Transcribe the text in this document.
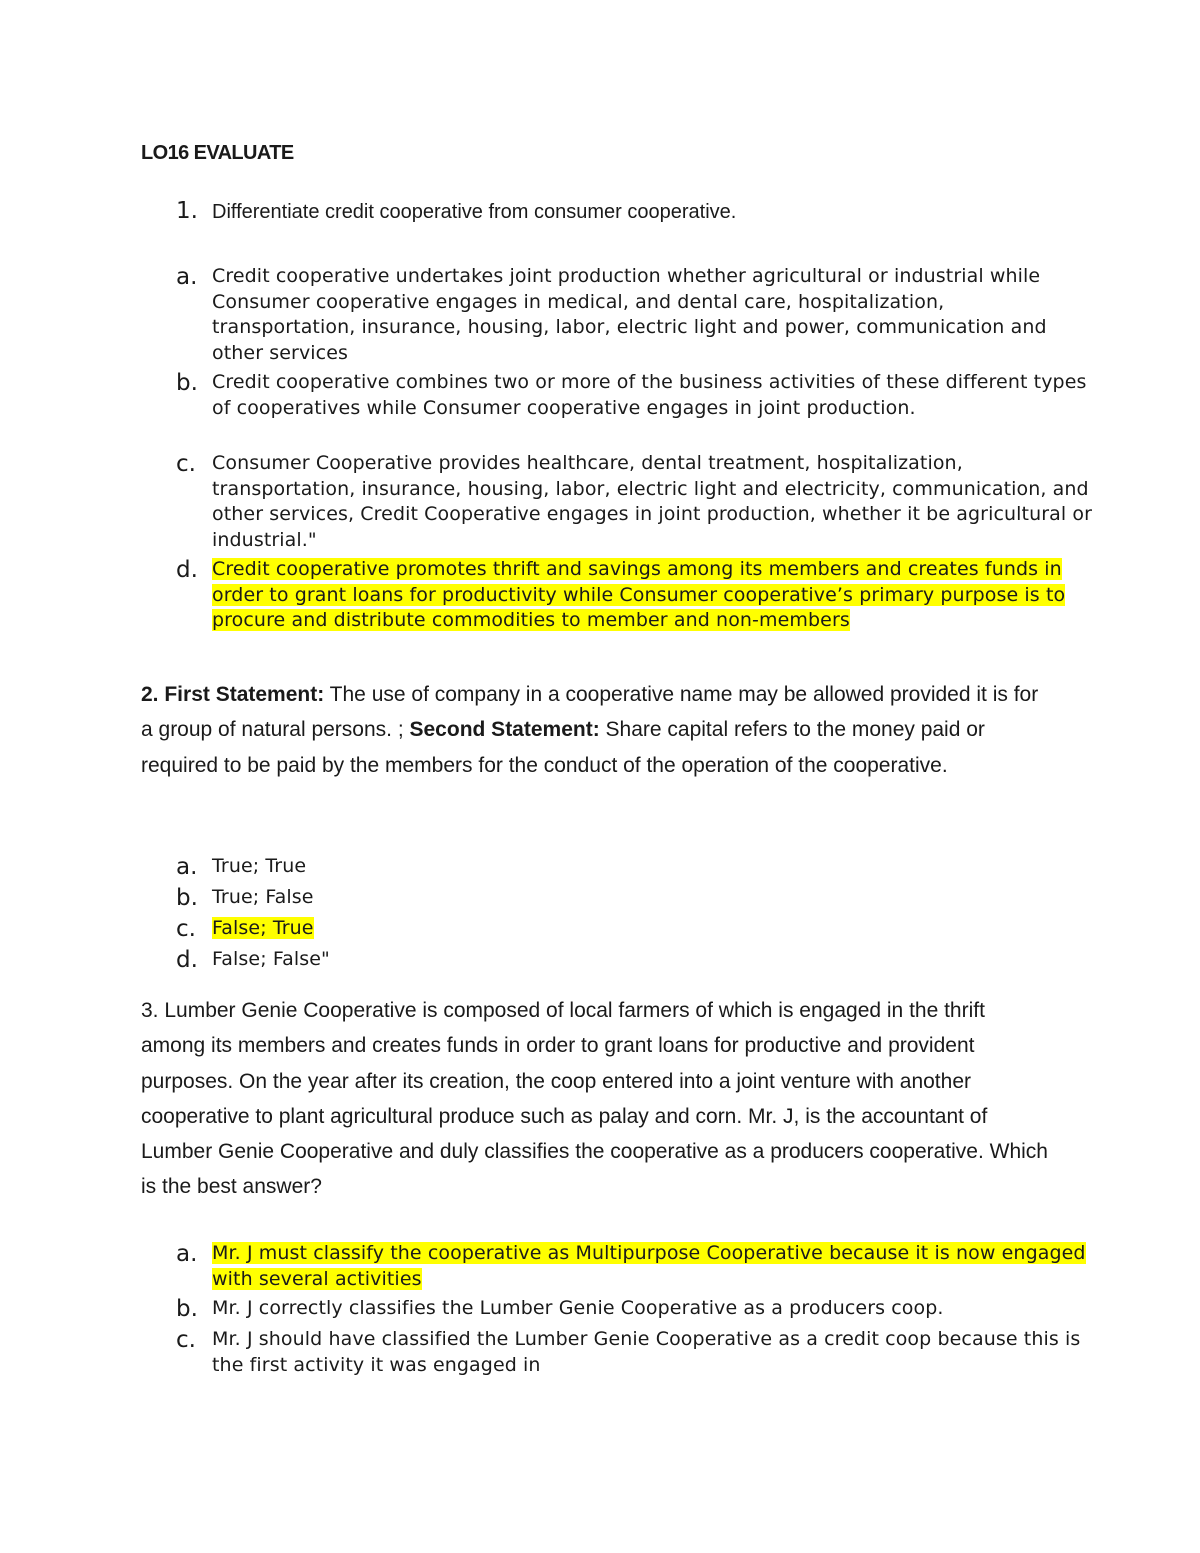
LO16 EVALUATE
1. Differentiate credit cooperative from consumer cooperative.
a. Credit cooperative undertakes joint production whether agricultural or industrial while Consumer cooperative engages in medical, and dental care, hospitalization, transportation, insurance, housing, labor, electric light and power, communication and other services
b. Credit cooperative combines two or more of the business activities of these different types of cooperatives while Consumer cooperative engages in joint production.
c. Consumer Cooperative provides healthcare, dental treatment, hospitalization, transportation, insurance, housing, labor, electric light and electricity, communication, and other services, Credit Cooperative engages in joint production, whether it be agricultural or industrial."
d. Credit cooperative promotes thrift and savings among its members and creates funds in order to grant loans for productivity while Consumer cooperative’s primary purpose is to procure and distribute commodities to member and non-members

2. First Statement: The use of company in a cooperative name may be allowed provided it is for a group of natural persons. ; Second Statement: Share capital refers to the money paid or required to be paid by the members for the conduct of the operation of the cooperative.

a. True; True
b. True; False
c. False; True
d. False; False"

3. Lumber Genie Cooperative is composed of local farmers of which is engaged in the thrift among its members and creates funds in order to grant loans for productive and provident purposes. On the year after its creation, the coop entered into a joint venture with another cooperative to plant agricultural produce such as palay and corn. Mr. J, is the accountant of Lumber Genie Cooperative and duly classifies the cooperative as a producers cooperative. Which is the best answer?

a. Mr. J must classify the cooperative as Multipurpose Cooperative because it is now engaged with several activities
b. Mr. J correctly classifies the Lumber Genie Cooperative as a producers coop.
c. Mr. J should have classified the Lumber Genie Cooperative as a credit coop because this is the first activity it was engaged in
